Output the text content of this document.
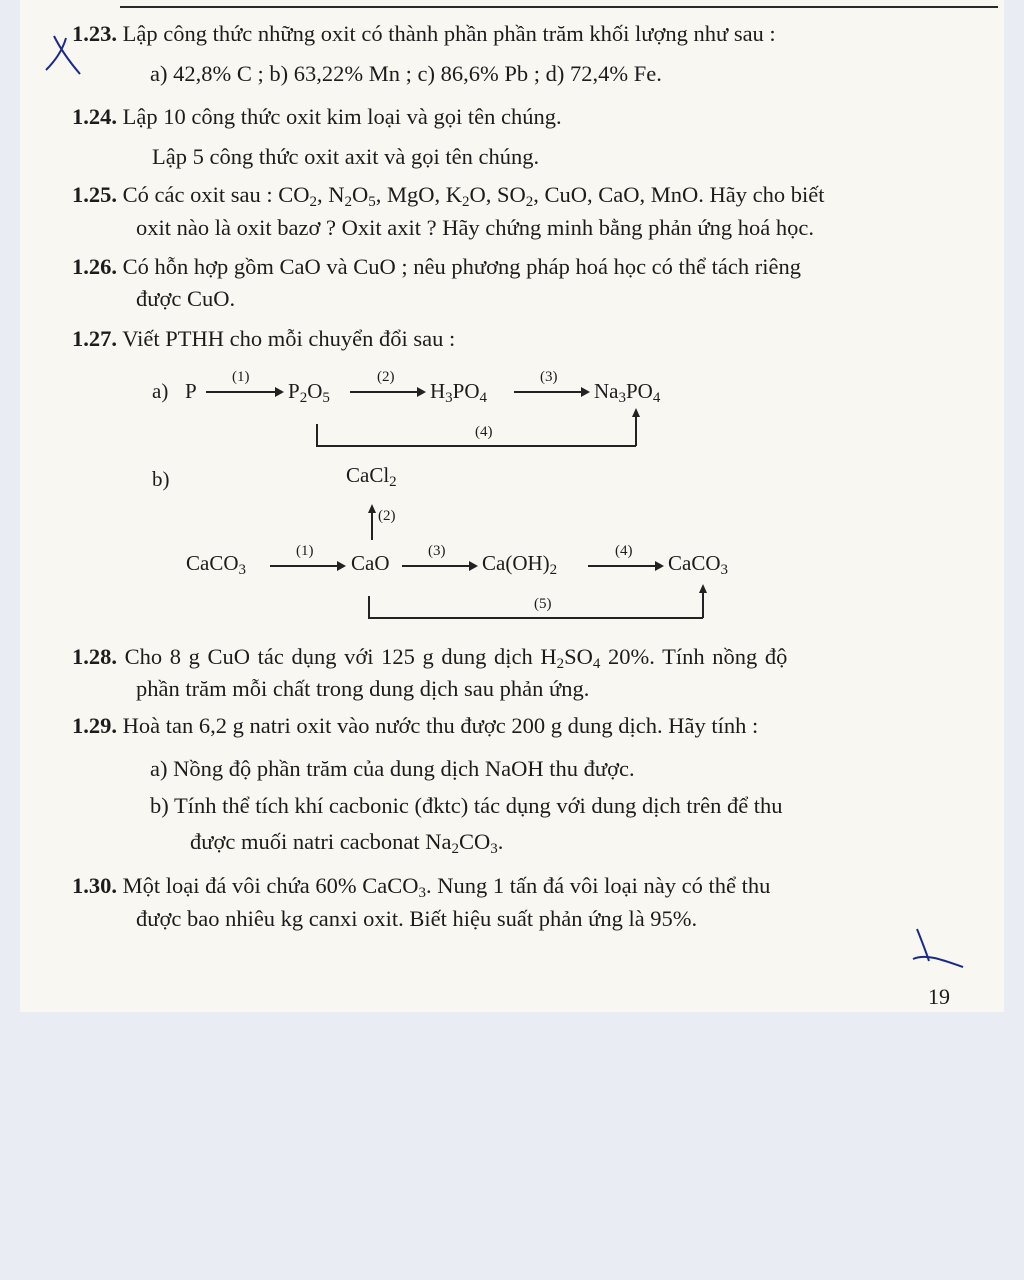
1.23. Lập công thức những oxit có thành phần phần trăm khối lượng như sau :
a) 42,8% C ; b) 63,22% Mn ; c) 86,6% Pb ; d) 72,4% Fe.
1.24. Lập 10 công thức oxit kim loại và gọi tên chúng.
Lập 5 công thức oxit axit và gọi tên chúng.
1.25. Có các oxit sau : $CO_2$, $N_2O_5$, MgO, $K_2O$, $SO_2$, CuO, CaO, MnO. Hãy cho biết
oxit nào là oxit bazơ ? Oxit axit ? Hãy chứng minh bằng phản ứng hoá học.
1.26. Có hỗn hợp gồm CaO và CuO ; nêu phương pháp hoá học có thể tách riêng
được CuO.
1.27. Viết PTHH cho mỗi chuyển đổi sau :
a) P
(1)
$P_2O_5$
(2)
$H_3PO_4$
(3)
$Na_3PO_4$
(4)
b)	CaCl$_2$
(2)
CaCO$_3$
(1) CaO	(3) $Ca(OH)_2$
(4) CaCO$_3$
(5)
1.28. Cho 8 g CuO tác dụng với 125 g dung dịch $H_2SO_4$ 20%. Tính nồng độ
phần trăm mỗi chất trong dung dịch sau phản ứng.
1.29. Hoà tan 6,2 g natri oxit vào nước thu được 200 g dung dịch. Hãy tính :
a) Nồng độ phần trăm của dung dịch NaOH thu được.
b) Tính thể tích khí cacbonic (đktc) tác dụng với dung dịch trên để thu
được muối natri cacbonat $Na_2CO_3$.
1.30. Một loại đá vôi chứa 60% CaCO$_3$. Nung 1 tấn đá vôi loại này có thể thu
được bao nhiêu kg canxi oxit. Biết hiệu suất phản ứng là 95%.
19
